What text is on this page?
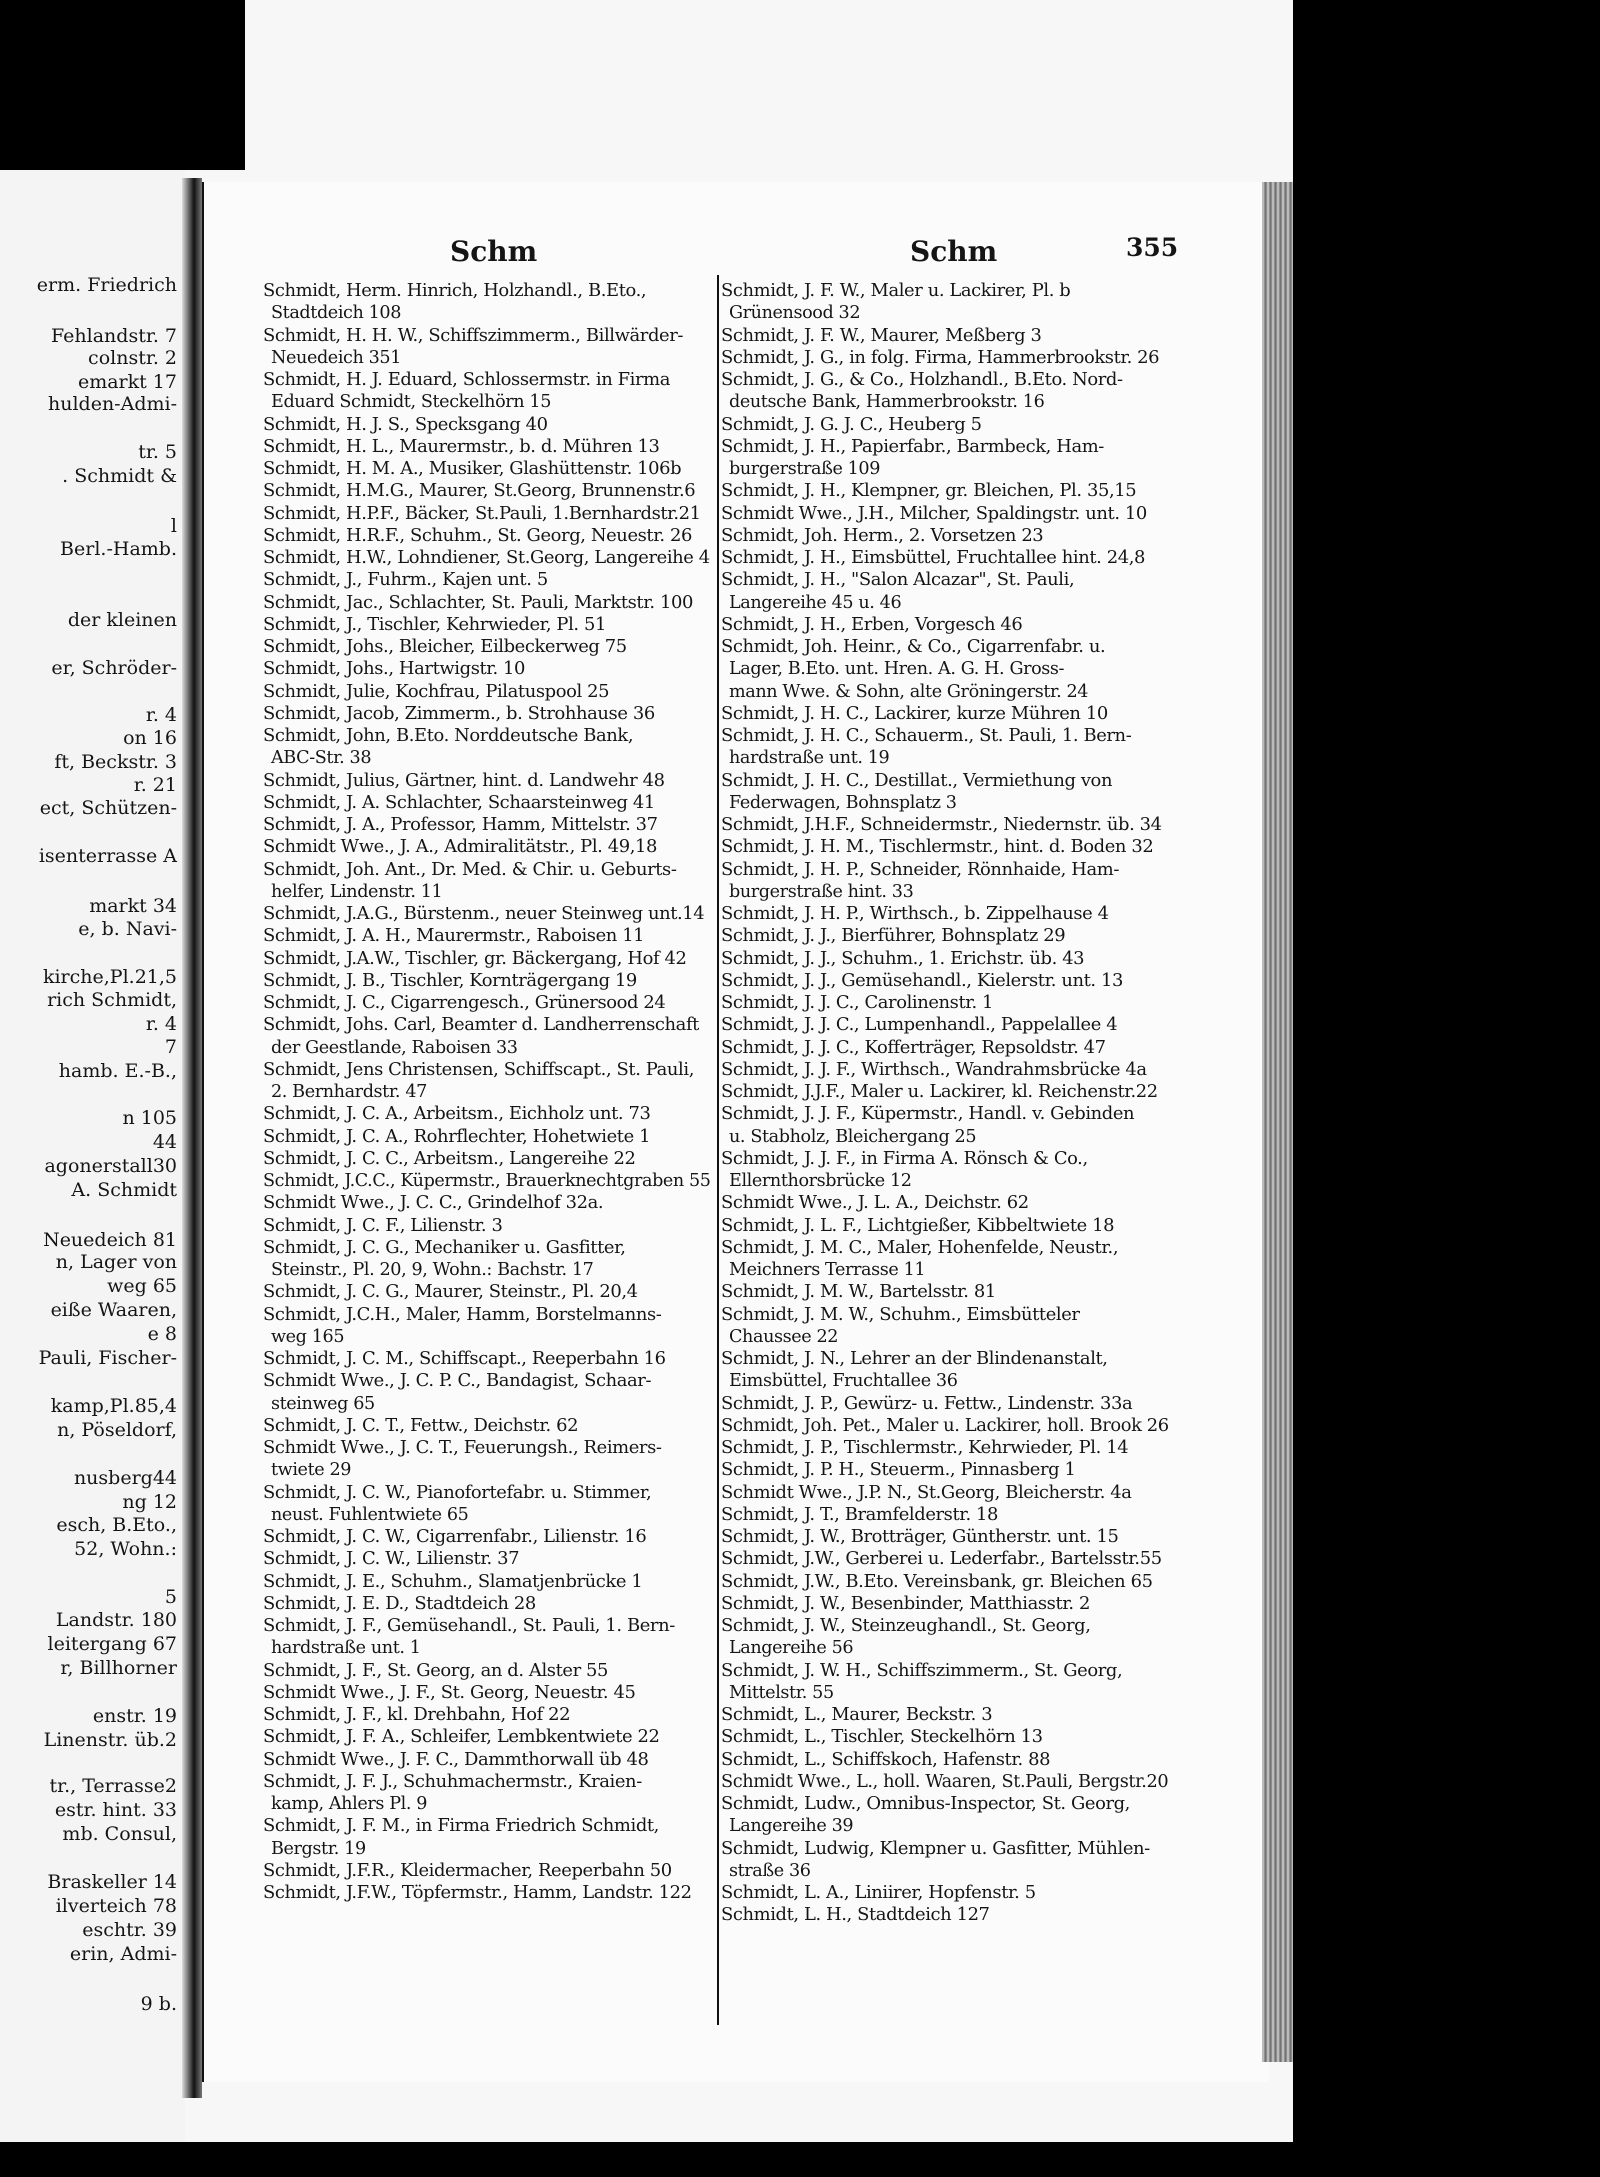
erm. Friedrich
Fehlandstr. 7
colnstr. 2
emarkt 17
hulden-Admi-
tr. 5
. Schmidt &
l
Berl.-Hamb.
der kleinen
er, Schröder-
r. 4
on 16
ft, Beckstr. 3
r. 21
ect, Schützen-
isenterrasse A
markt 34
e, b. Navi-
kirche,Pl.21,5
rich Schmidt,
r. 4
7
hamb. E.-B.,
n 105
44
agonerstall30
A. Schmidt
Neuedeich 81
n, Lager von
weg 65
eiße Waaren,
e 8
Pauli, Fischer-
kamp,Pl.85,4
n, Pöseldorf,
nusberg44
ng 12
esch, B.Eto.,
52, Wohn.:
5
Landstr. 180
leitergang 67
r, Billhorner
enstr. 19
Linenstr. üb.2
tr., Terrasse2
estr. hint. 33
mb. Consul,
Braskeller 14
ilverteich 78
eschtr. 39
erin, Admi-
9 b.
Schm	Schm	355
Schmidt, Herm. Hinrich, Holzhandl., B.Eto.,
Stadtdeich 108
Schmidt, H. H. W., Schiffszimmerm., Billwärder-
Neuedeich 351
Schmidt, H. J. Eduard, Schlossermstr. in Firma
Eduard Schmidt, Steckelhörn 15
Schmidt, H. J. S., Specksgang 40
Schmidt, H. L., Maurermstr., b. d. Mühren 13
Schmidt, H. M. A., Musiker, Glashüttenstr. 106b
Schmidt, H.M.G., Maurer, St.Georg, Brunnenstr.6
Schmidt, H.P.F., Bäcker, St.Pauli, 1.Bernhardstr.21
Schmidt, H.R.F., Schuhm., St. Georg, Neuestr. 26
Schmidt, H.W., Lohndiener, St.Georg, Langereihe 4
Schmidt, J., Fuhrm., Kajen unt. 5
Schmidt, Jac., Schlachter, St. Pauli, Marktstr. 100
Schmidt, J., Tischler, Kehrwieder, Pl. 51
Schmidt, Johs., Bleicher, Eilbeckerweg 75
Schmidt, Johs., Hartwigstr. 10
Schmidt, Julie, Kochfrau, Pilatuspool 25
Schmidt, Jacob, Zimmerm., b. Strohhause 36
Schmidt, John, B.Eto. Norddeutsche Bank,
ABC-Str. 38
Schmidt, Julius, Gärtner, hint. d. Landwehr 48
Schmidt, J. A. Schlachter, Schaarsteinweg 41
Schmidt, J. A., Professor, Hamm, Mittelstr. 37
Schmidt Wwe., J. A., Admiralitätstr., Pl. 49,18
Schmidt, Joh. Ant., Dr. Med. & Chir. u. Geburts-
helfer, Lindenstr. 11
Schmidt, J.A.G., Bürstenm., neuer Steinweg unt.14
Schmidt, J. A. H., Maurermstr., Raboisen 11
Schmidt, J.A.W., Tischler, gr. Bäckergang, Hof 42
Schmidt, J. B., Tischler, Kornträgergang 19
Schmidt, J. C., Cigarrengesch., Grünersood 24
Schmidt, Johs. Carl, Beamter d. Landherrenschaft
der Geestlande, Raboisen 33
Schmidt, Jens Christensen, Schiffscapt., St. Pauli,
2. Bernhardstr. 47
Schmidt, J. C. A., Arbeitsm., Eichholz unt. 73
Schmidt, J. C. A., Rohrflechter, Hohetwiete 1
Schmidt, J. C. C., Arbeitsm., Langereihe 22
Schmidt, J.C.C., Küpermstr., Brauerknechtgraben 55
Schmidt Wwe., J. C. C., Grindelhof 32a.
Schmidt, J. C. F., Lilienstr. 3
Schmidt, J. C. G., Mechaniker u. Gasfitter,
Steinstr., Pl. 20, 9, Wohn.: Bachstr. 17
Schmidt, J. C. G., Maurer, Steinstr., Pl. 20,4
Schmidt, J.C.H., Maler, Hamm, Borstelmanns-
weg 165
Schmidt, J. C. M., Schiffscapt., Reeperbahn 16
Schmidt Wwe., J. C. P. C., Bandagist, Schaar-
steinweg 65
Schmidt, J. C. T., Fettw., Deichstr. 62
Schmidt Wwe., J. C. T., Feuerungsh., Reimers-
twiete 29
Schmidt, J. C. W., Pianofortefabr. u. Stimmer,
neust. Fuhlentwiete 65
Schmidt, J. C. W., Cigarrenfabr., Lilienstr. 16
Schmidt, J. C. W., Lilienstr. 37
Schmidt, J. E., Schuhm., Slamatjenbrücke 1
Schmidt, J. E. D., Stadtdeich 28
Schmidt, J. F., Gemüsehandl., St. Pauli, 1. Bern-
hardstraße unt. 1
Schmidt, J. F., St. Georg, an d. Alster 55
Schmidt Wwe., J. F., St. Georg, Neuestr. 45
Schmidt, J. F., kl. Drehbahn, Hof 22
Schmidt, J. F. A., Schleifer, Lembkentwiete 22
Schmidt Wwe., J. F. C., Dammthorwall üb 48
Schmidt, J. F. J., Schuhmachermstr., Kraien-
kamp, Ahlers Pl. 9
Schmidt, J. F. M., in Firma Friedrich Schmidt,
Bergstr. 19
Schmidt, J.F.R., Kleidermacher, Reeperbahn 50
Schmidt, J.F.W., Töpfermstr., Hamm, Landstr. 122
Schmidt, J. F. W., Maler u. Lackirer, Pl. b
Grünensood 32
Schmidt, J. F. W., Maurer, Meßberg 3
Schmidt, J. G., in folg. Firma, Hammerbrookstr. 26
Schmidt, J. G., & Co., Holzhandl., B.Eto. Nord-
deutsche Bank, Hammerbrookstr. 16
Schmidt, J. G. J. C., Heuberg 5
Schmidt, J. H., Papierfabr., Barmbeck, Ham-
burgerstraße 109
Schmidt, J. H., Klempner, gr. Bleichen, Pl. 35,15
Schmidt Wwe., J.H., Milcher, Spaldingstr. unt. 10
Schmidt, Joh. Herm., 2. Vorsetzen 23
Schmidt, J. H., Eimsbüttel, Fruchtallee hint. 24,8
Schmidt, J. H., "Salon Alcazar", St. Pauli,
Langereihe 45 u. 46
Schmidt, J. H., Erben, Vorgesch 46
Schmidt, Joh. Heinr., & Co., Cigarrenfabr. u.
Lager, B.Eto. unt. Hren. A. G. H. Gross-
mann Wwe. & Sohn, alte Gröningerstr. 24
Schmidt, J. H. C., Lackirer, kurze Mühren 10
Schmidt, J. H. C., Schauerm., St. Pauli, 1. Bern-
hardstraße unt. 19
Schmidt, J. H. C., Destillat., Vermiethung von
Federwagen, Bohnsplatz 3
Schmidt, J.H.F., Schneidermstr., Niedernstr. üb. 34
Schmidt, J. H. M., Tischlermstr., hint. d. Boden 32
Schmidt, J. H. P., Schneider, Rönnhaide, Ham-
burgerstraße hint. 33
Schmidt, J. H. P., Wirthsch., b. Zippelhause 4
Schmidt, J. J., Bierführer, Bohnsplatz 29
Schmidt, J. J., Schuhm., 1. Erichstr. üb. 43
Schmidt, J. J., Gemüsehandl., Kielerstr. unt. 13
Schmidt, J. J. C., Carolinenstr. 1
Schmidt, J. J. C., Lumpenhandl., Pappelallee 4
Schmidt, J. J. C., Kofferträger, Repsoldstr. 47
Schmidt, J. J. F., Wirthsch., Wandrahmsbrücke 4a
Schmidt, J.J.F., Maler u. Lackirer, kl. Reichenstr.22
Schmidt, J. J. F., Küpermstr., Handl. v. Gebinden
u. Stabholz, Bleichergang 25
Schmidt, J. J. F., in Firma A. Rönsch & Co.,
Ellernthorsbrücke 12
Schmidt Wwe., J. L. A., Deichstr. 62
Schmidt, J. L. F., Lichtgießer, Kibbeltwiete 18
Schmidt, J. M. C., Maler, Hohenfelde, Neustr.,
Meichners Terrasse 11
Schmidt, J. M. W., Bartelsstr. 81
Schmidt, J. M. W., Schuhm., Eimsbütteler
Chaussee 22
Schmidt, J. N., Lehrer an der Blindenanstalt,
Eimsbüttel, Fruchtallee 36
Schmidt, J. P., Gewürz- u. Fettw., Lindenstr. 33a
Schmidt, Joh. Pet., Maler u. Lackirer, holl. Brook 26
Schmidt, J. P., Tischlermstr., Kehrwieder, Pl. 14
Schmidt, J. P. H., Steuerm., Pinnasberg 1
Schmidt Wwe., J.P. N., St.Georg, Bleicherstr. 4a
Schmidt, J. T., Bramfelderstr. 18
Schmidt, J. W., Brotträger, Güntherstr. unt. 15
Schmidt, J.W., Gerberei u. Lederfabr., Bartelsstr.55
Schmidt, J.W., B.Eto. Vereinsbank, gr. Bleichen 65
Schmidt, J. W., Besenbinder, Matthiasstr. 2
Schmidt, J. W., Steinzeughandl., St. Georg,
Langereihe 56
Schmidt, J. W. H., Schiffszimmerm., St. Georg,
Mittelstr. 55
Schmidt, L., Maurer, Beckstr. 3
Schmidt, L., Tischler, Steckelhörn 13
Schmidt, L., Schiffskoch, Hafenstr. 88
Schmidt Wwe., L., holl. Waaren, St.Pauli, Bergstr.20
Schmidt, Ludw., Omnibus-Inspector, St. Georg,
Langereihe 39
Schmidt, Ludwig, Klempner u. Gasfitter, Mühlen-
straße 36
Schmidt, L. A., Liniirer, Hopfenstr. 5
Schmidt, L. H., Stadtdeich 127
